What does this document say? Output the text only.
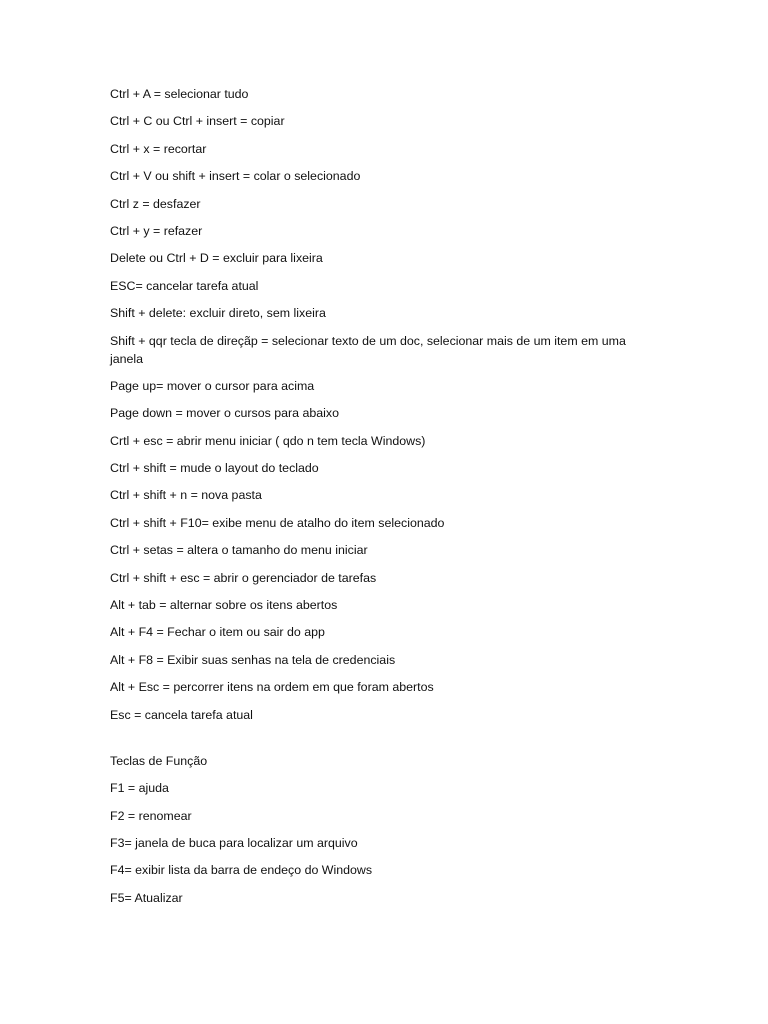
Ctrl + A = selecionar tudo
Ctrl + C ou Ctrl + insert = copiar
Ctrl + x = recortar
Ctrl + V ou shift + insert = colar o selecionado
Ctrl z = desfazer
Ctrl + y = refazer
Delete ou Ctrl + D = excluir para lixeira
ESC= cancelar tarefa atual
Shift + delete: excluir direto, sem lixeira
Shift + qqr tecla de direçãp = selecionar texto de um doc, selecionar mais de um item em uma janela
Page up= mover o cursor para acima
Page down = mover o cursos para abaixo
Crtl + esc = abrir menu iniciar ( qdo n tem tecla Windows)
Ctrl + shift = mude o layout do teclado
Ctrl + shift + n = nova pasta
Ctrl + shift + F10= exibe menu de atalho do item selecionado
Ctrl + setas = altera o tamanho do menu iniciar
Ctrl + shift + esc = abrir o gerenciador de tarefas
Alt + tab = alternar sobre os itens abertos
Alt + F4 = Fechar o item ou sair do app
Alt + F8 = Exibir suas senhas na tela de credenciais
Alt + Esc = percorrer itens na ordem em que foram abertos
Esc = cancela tarefa atual
Teclas de Função
F1 = ajuda
F2 = renomear
F3= janela de buca para localizar um arquivo
F4= exibir lista da barra de endeço do Windows
F5= Atualizar
